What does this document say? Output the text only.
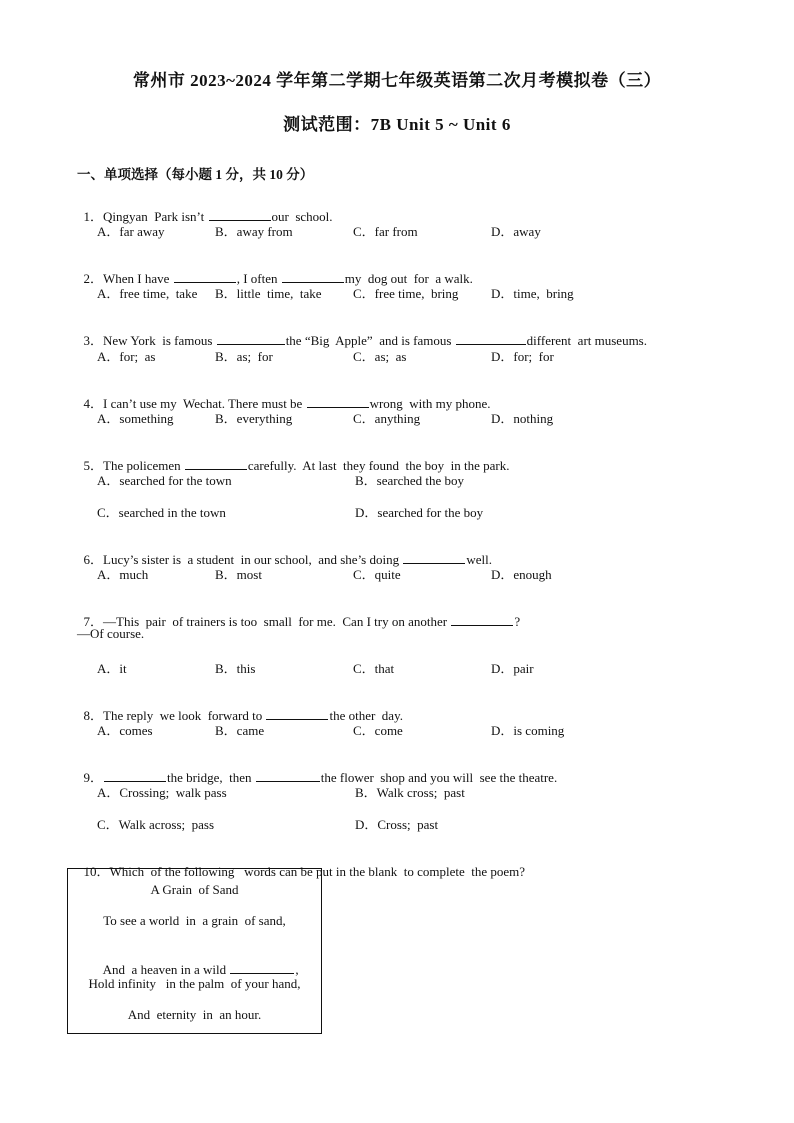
常州市 2023~2024 学年第二学期七年级英语第二次月考模拟卷（三）
测试范围：7B Unit 5 ~ Unit 6
一、单项选择（每小题 1 分，共 10 分）

1．Qingyan  Park isn’t	our  school.

A．far away	B．away from	C．far from	D．away

2．When I have	, I often	my  dog out  for  a walk.

A．free time,  take B．little  time,  take C．free time,  bring	D．time,  bring

3．New York  is famous	the “Big  Apple”  and is famous	different  art museums.

A．for;  as	B．as;  for	C．as;  as	D．for;  for

4．I can’t use my  Wechat. There must be	wrong  with my phone.

A．something	B．everything	C．anything	D．nothing

5．The policemen	carefully.  At last  they found  the boy  in the park.

A．searched for the town	B．searched the boy
C．searched in the town	D．searched for the boy

6．Lucy’s sister is  a student  in our school,  and she’s doing	well.

A．much	B．most	C．quite	D．enough

7．—This  pair  of trainers is too  small  for me.  Can I try on another	?

—Of course.
A．it	B．this	C．that	D．pair

8．The reply  we look  forward to	the other  day.

A．comes	B．came	C．come	D．is coming

9．	the bridge,  then	the flower  shop and you will  see the theatre.

A．Crossing;  walk pass	B．Walk cross;  past
C．Walk across;  pass	D．Cross;  past

10．Which  of the following   words can be put in the blank  to complete  the poem?

A Grain  of Sand
To see a world  in  a grain  of sand,

And  a heaven in a wild	,

Hold infinity   in the palm  of your hand,
And  eternity  in  an hour.
